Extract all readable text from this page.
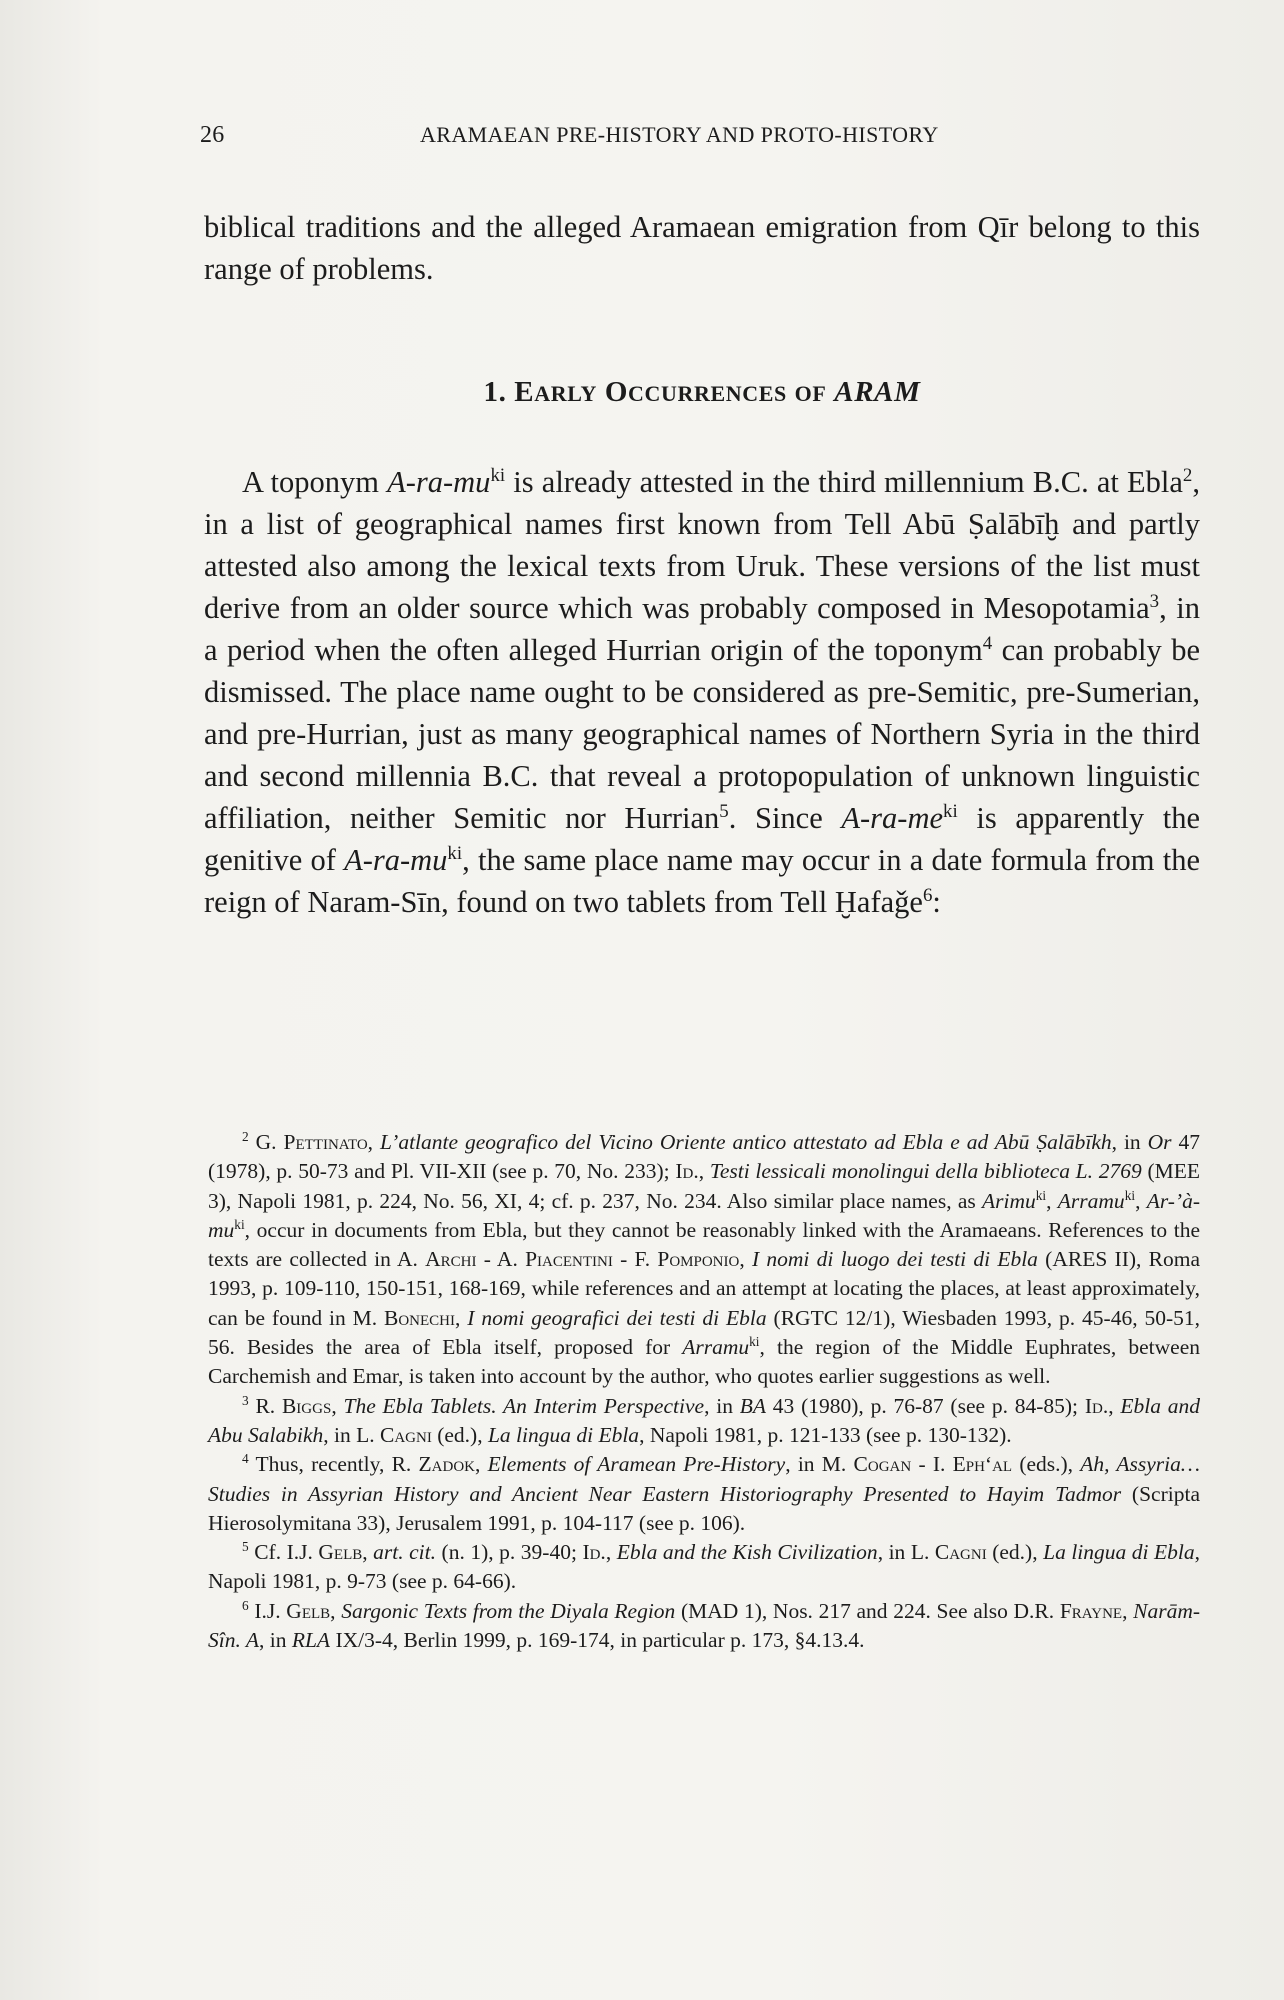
26	ARAMAEAN PRE-HISTORY AND PROTO-HISTORY

biblical traditions and the alleged Aramaean emigration from Qīr belong to this range of problems.

1. EARLY OCCURRENCES OF ARAM

A toponym $A-ra-mu^{ki}$ is already attested in the third millennium B.C. at Ebla$^2$, in a list of geographical names first known from Tell Abū Ṣalābīḫ and partly attested also among the lexical texts from Uruk. These versions of the list must derive from an older source which was probably composed in Mesopotamia$^3$, in a period when the often alleged Hurrian origin of the toponym$^4$ can probably be dismissed. The place name ought to be considered as pre-Semitic, pre-Sumerian, and pre-Hurrian, just as many geographical names of Northern Syria in the third and second millennia B.C. that reveal a protopopulation of unknown linguistic affiliation, neither Semitic nor Hurrian$^5$. Since $A-ra-me^{ki}$ is apparently the genitive of $A-ra-mu^{ki}$, the same place name may occur in a date formula from the reign of Naram-Sīn, found on two tablets from Tell Ḫafaǧe$^6$:

$^2$ G. Pettinato, L’atlante geografico del Vicino Oriente antico attestato ad Ebla e ad Abū Ṣalābīkh, in Or 47 (1978), p. 50-73 and Pl. VII-XII (see p. 70, No. 233); Id., Testi lessicali monolingui della biblioteca L. 2769 (MEE 3), Napoli 1981, p. 224, No. 56, XI, 4; cf. p. 237, No. 234. Also similar place names, as Arimu$^{ki}$, Arramu$^{ki}$, $Ar-’à-mu^{ki}$, occur in documents from Ebla, but they cannot be reasonably linked with the Aramaeans. References to the texts are collected in A. Archi - A. Piacentini - F. Pomponio, I nomi di luogo dei testi di Ebla (ARES II), Roma 1993, p. 109-110, 150-151, 168-169, while references and an attempt at locating the places, at least approximately, can be found in M. Bonechi, I nomi geografici dei testi di Ebla (RGTC 12/1), Wiesbaden 1993, p. 45-46, 50-51, 56. Besides the area of Ebla itself, proposed for Arramu$^{ki}$, the region of the Middle Euphrates, between Carchemish and Emar, is taken into account by the author, who quotes earlier suggestions as well.

$^3$ R. Biggs, The Ebla Tablets. An Interim Perspective, in BA 43 (1980), p. 76-87 (see p. 84-85); Id., Ebla and Abu Salabikh, in L. Cagni (ed.), La lingua di Ebla, Napoli 1981, p. 121-133 (see p. 130-132).

$^4$ Thus, recently, R. Zadok, Elements of Aramean Pre-History, in M. Cogan - I. Eph‘al (eds.), Ah, Assyria… Studies in Assyrian History and Ancient Near Eastern Historiography Presented to Hayim Tadmor (Scripta Hierosolymitana 33), Jerusalem 1991, p. 104-117 (see p. 106).

$^5$ Cf. I.J. Gelb, art. cit. (n. 1), p. 39-40; Id., Ebla and the Kish Civilization, in L. Cagni (ed.), La lingua di Ebla, Napoli 1981, p. 9-73 (see p. 64-66).

$^6$ I.J. Gelb, Sargonic Texts from the Diyala Region (MAD 1), Nos. 217 and 224. See also D.R. Frayne, Narām-Sîn. A, in RLA IX/3-4, Berlin 1999, p. 169-174, in particular p. 173, §4.13.4.
